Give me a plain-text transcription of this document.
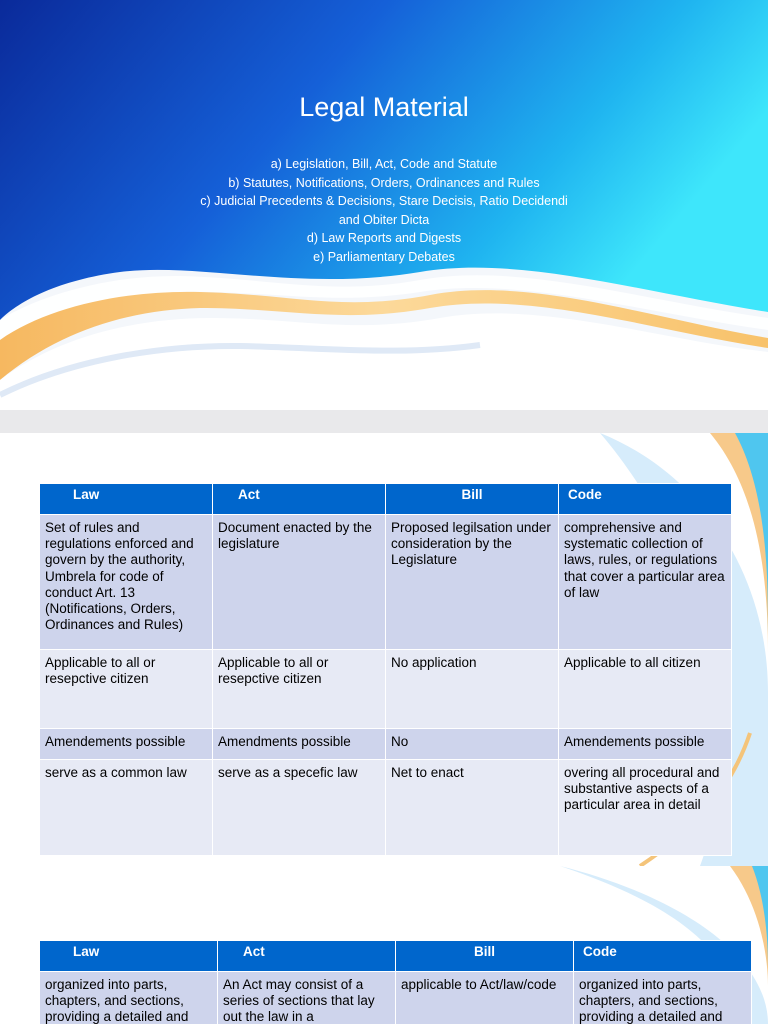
Legal Material
a) Legislation, Bill, Act, Code and Statute
b) Statutes, Notifications, Orders, Ordinances and Rules
c) Judicial Precedents & Decisions, Stare Decisis, Ratio Decidendi and Obiter Dicta
d) Law Reports and Digests
e) Parliamentary Debates
Law	Act	Bill	Code
Set of rules and regulations enforced and govern by the authority, Umbrela for code of conduct Art. 13 (Notifications, Orders, Ordinances and Rules)	Document enacted by the legislature	Proposed legilsation under consideration by the Legislature	comprehensive and systematic collection of laws, rules, or regulations that cover a particular area of law
Applicable to all or resepctive citizen	Applicable to all or resepctive citizen	No application	Applicable to all citizen
Amendements possible	Amendments possible	No	Amendements possible
serve as a common law	serve as a specefic law	Net to enact	overing all procedural and substantive aspects of a particular area in detail
Law	Act	Bill	Code
organized into parts, chapters, and sections, providing a detailed and	An Act may consist of a series of sections that lay out the law in a	applicable to Act/law/code	organized into parts, chapters, and sections, providing a detailed and
